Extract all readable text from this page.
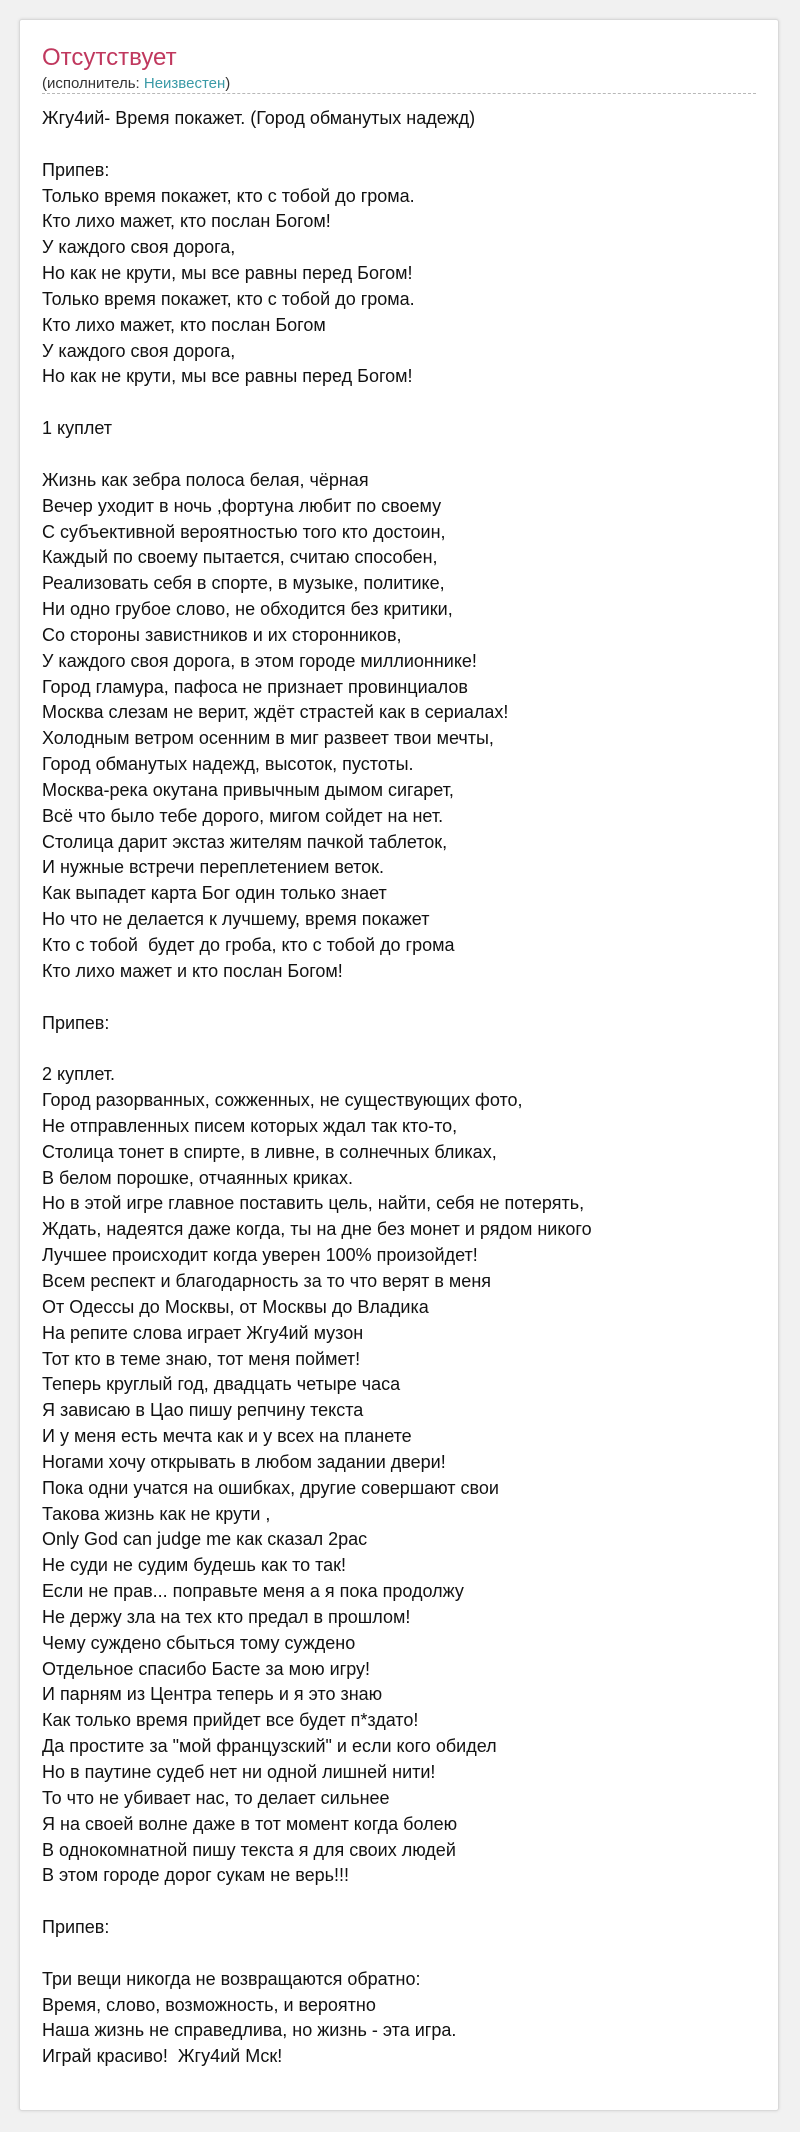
Отсутствует
(исполнитель: Неизвестен)
Жгу4ий- Время покажет. (Город обманутых надежд)
Припев:
Только время покажет, кто с тобой до грома.
Кто лихо мажет, кто послан Богом!
У каждого своя дорога,
Но как не крути, мы все равны перед Богом!
Только время покажет, кто с тобой до грома.
Кто лихо мажет, кто послан Богом
У каждого своя дорога,
Но как не крути, мы все равны перед Богом!
1 куплет
Жизнь как зебра полоса белая, чёрная
Вечер уходит в ночь ,фортуна любит по своему
С субъективной вероятностью того кто достоин,
Каждый по своему пытается, считаю способен,
Реализовать себя в спорте, в музыке, политике,
Ни одно грубое слово, не обходится без критики,
Со стороны завистников и их сторонников,
У каждого своя дорога, в этом городе миллионнике!
Город гламура, пафоса не признает провинциалов
Москва слезам не верит, ждёт страстей как в сериалах!
Холодным ветром осенним в миг развеет твои мечты,
Город обманутых надежд, высоток, пустоты.
Москва-река окутана привычным дымом сигарет,
Всё что было тебе дорого, мигом сойдет на нет.
Столица дарит экстаз жителям пачкой таблеток,
И нужные встречи переплетением веток.
Как выпадет карта Бог один только знает
Но что не делается к лучшему, время покажет
Кто с тобой  будет до гроба, кто с тобой до грома
Кто лихо мажет и кто послан Богом!
Припев:
2 куплет.
Город разорванных, сожженных, не существующих фото,
Не отправленных писем которых ждал так кто-то,
Столица тонет в спирте, в ливне, в солнечных бликах,
В белом порошке, отчаянных криках.
Но в этой игре главное поставить цель, найти, себя не потерять,
Ждать, надеятся даже когда, ты на дне без монет и рядом никого
Лучшее происходит когда уверен 100% произойдет!
Всем респект и благодарность за то что верят в меня
От Одессы до Москвы, от Москвы до Владика
На репите слова играет Жгу4ий музон
Тот кто в теме знаю, тот меня поймет!
Теперь круглый год, двадцать четыре часа
Я зависаю в Цао пишу репчину текста
И у меня есть мечта как и у всех на планете
Ногами хочу открывать в любом задании двери!
Пока одни учатся на ошибках, другие совершают свои
Такова жизнь как не крути ,
Only God can judge me как сказал 2pac
Не суди не судим будешь как то так!
Если не прав... поправьте меня а я пока продолжу
Не держу зла на тех кто предал в прошлом!
Чему суждено сбыться тому суждено
Отдельное спасибо Басте за мою игру!
И парням из Центра теперь и я это знаю
Как только время прийдет все будет п*здато!
Да простите за "мой французский" и если кого обидел
Но в паутине судеб нет ни одной лишней нити!
То что не убивает нас, то делает сильнее
Я на своей волне даже в тот момент когда болею
В однокомнатной пишу текста я для своих людей
В этом городе дорог сукам не верь!!!
Припев:
Три вещи никогда не возвращаются обратно:
Время, слово, возможность, и вероятно
Наша жизнь не справедлива, но жизнь - эта игра.
Играй красиво!  Жгу4ий Мск!
